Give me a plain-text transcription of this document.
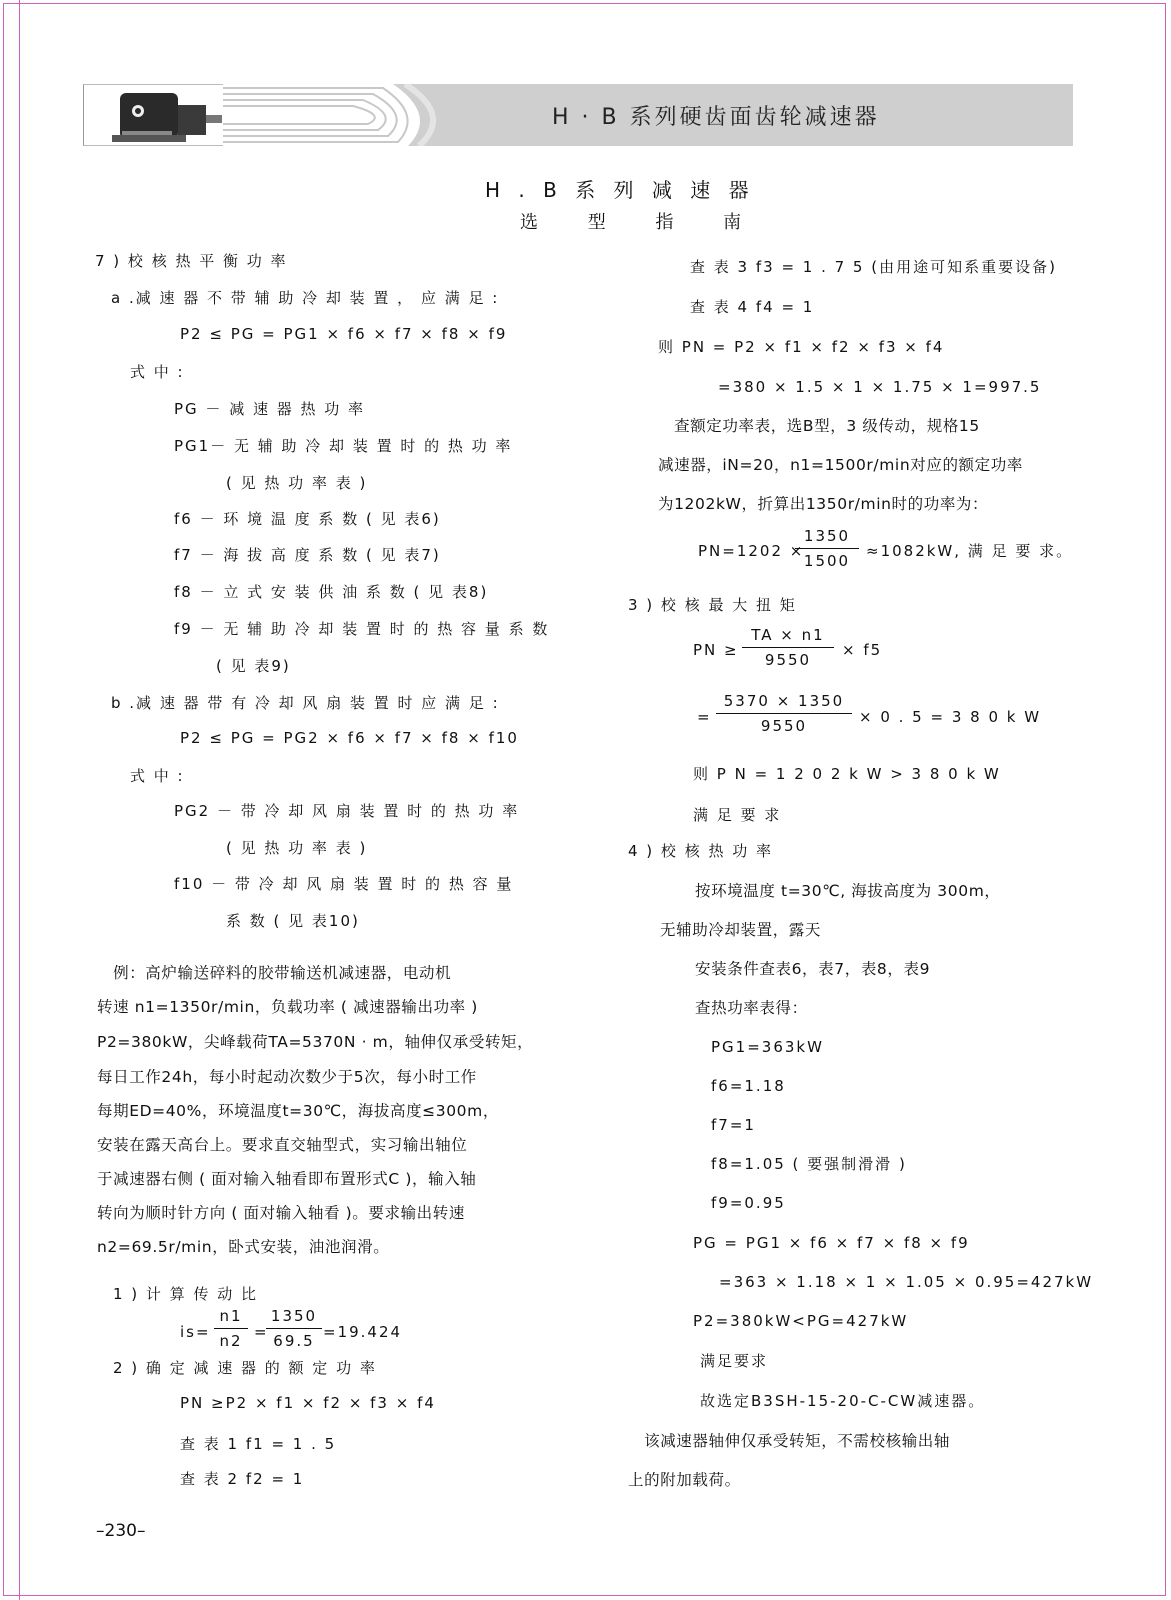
H · B 系列硬齿面齿轮减速器
H . B 系 列 减 速 器
选 型 指 南
7 ) 校 核 热 平 衡 功 率
a .减 速 器 不 带 辅 助 冷 却 装 置 ， 应 满 足 :
P2 ≤ PG = PG1 × f6 × f7 × f8 × f9
式 中 :
PG － 减 速 器 热 功 率
PG1－ 无 辅 助 冷 却 装 置 时 的 热 功 率
( 见 热 功 率 表 )
f6 － 环 境 温 度 系 数 ( 见 表6)
f7 － 海 拔 高 度 系 数 ( 见 表7)
f8 － 立 式 安 装 供 油 系 数 ( 见 表8)
f9 － 无 辅 助 冷 却 装 置 时 的 热 容 量 系 数
( 见 表9)
b .减 速 器 带 有 冷 却 风 扇 装 置 时 应 满 足 :
P2 ≤ PG = PG2 × f6 × f7 × f8 × f10
式 中 :
PG2 － 带 冷 却 风 扇 装 置 时 的 热 功 率
( 见 热 功 率 表 )
f10 － 带 冷 却 风 扇 装 置 时 的 热 容 量
系 数 ( 见 表10)
　例：高炉输送碎料的胶带输送机减速器，电动机
转速 n1=1350r/min，负载功率 ( 减速器输出功率 )
P2=380kW，尖峰载荷TA=5370N · m，轴伸仅承受转矩，
每日工作24h，每小时起动次数少于5次，每小时工作
每期ED=40%，环境温度t=30℃，海拔高度≤300m，
安装在露天高台上。要求直交轴型式，实习输出轴位
于减速器右侧 ( 面对输入轴看即布置形式C )，输入轴
转向为顺时针方向 ( 面对输入轴看 )。要求输出转速
n2=69.5r/min，卧式安装，油池润滑。
1 ) 计 算 传 动 比
$is= \frac{n1}{n2}$ =
$\frac{1350}{69.5} =19.424$
2 ) 确 定 减 速 器 的 额 定 功 率
PN ≥P2 × f1 × f2 × f3 × f4
查 表 1 f1 = 1 . 5
查 表 2 f2 = 1
查 表 3 f3 = 1 . 7 5 (由用途可知系重要设备)
查 表 4 f4 = 1
则 PN = P2 × f1 × f2 × f3 × f4
=380 × 1.5 × 1 × 1.75 × 1=997.5
　查额定功率表，选B型，3 级传动，规格15
减速器，iN=20，n1=1500r/min对应的额定功率
为1202kW，折算出1350r/min时的功率为：
PN=1202 ×
$\frac{1350}{1500} \approx 1082kW$, 满 足 要 求。
3 ) 校 核 最 大 扭 矩
PN ≥ $\frac{TA \times n1}{9550} \times f5$
= $\frac{5370 \times 1350}{9550} \times 0$ . 5 = 3 8 0 k W
则 P N = 1 2 0 2 k W > 3 8 0 k W
满 足 要 求
4 ) 校 核 热 功 率
按环境温度 t=30℃, 海拔高度为 300m，
无辅助冷却装置，露天
安装条件查表6，表7，表8，表9
查热功率表得：
PG1=363kW
f6=1.18
f7=1
f8=1.05 ( 要强制滑滑 )
f9=0.95
PG = PG1 × f6 × f7 × f8 × f9
=363 × 1.18 × 1 × 1.05 × 0.95=427kW
P2=380kW<PG=427kW
满足要求
故选定B3SH-15-20-C-CW减速器。
　该减速器轴伸仅承受转矩，不需校核输出轴
上的附加载荷。
–230–
